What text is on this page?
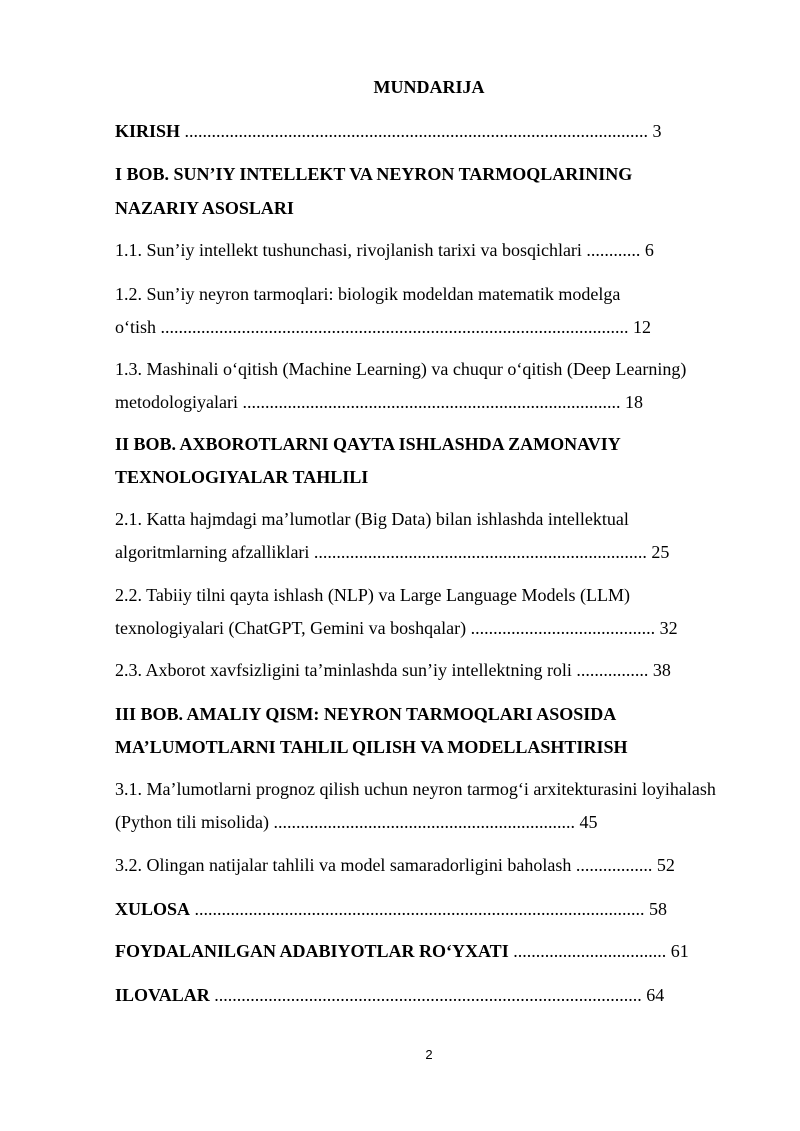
MUNDARIJA
KIRISH ....................................................................................................... 3
I BOB. SUN’IY INTELLEKT VA NEYRON TARMOQLARINING
NAZARIY ASOSLARI
1.1. Sun’iy intellekt tushunchasi, rivojlanish tarixi va bosqichlari ............ 6
1.2. Sun’iy neyron tarmoqlari: biologik modeldan matematik modelga
o‘tish ........................................................................................................ 12
1.3. Mashinali o‘qitish (Machine Learning) va chuqur o‘qitish (Deep Learning)
metodologiyalari .................................................................................... 18
II BOB. AXBOROTLARNI QAYTA ISHLASHDA ZAMONAVIY
TEXNOLOGIYALAR TAHLILI
2.1. Katta hajmdagi ma’lumotlar (Big Data) bilan ishlashda intellektual
algoritmlarning afzalliklari .......................................................................... 25
2.2. Tabiiy tilni qayta ishlash (NLP) va Large Language Models (LLM)
texnologiyalari (ChatGPT, Gemini va boshqalar) ......................................... 32
2.3. Axborot xavfsizligini ta’minlashda sun’iy intellektning roli ................ 38
III BOB. AMALIY QISM: NEYRON TARMOQLARI ASOSIDA
MA’LUMOTLARNI TAHLIL QILISH VA MODELLASHTIRISH
3.1. Ma’lumotlarni prognoz qilish uchun neyron tarmog‘i arxitekturasini loyihalash
(Python tili misolida) ................................................................... 45
3.2. Olingan natijalar tahlili va model samaradorligini baholash ................. 52
XULOSA .................................................................................................... 58
FOYDALANILGAN ADABIYOTLAR RO‘YXATI .................................. 61
ILOVALAR ............................................................................................... 64
2
